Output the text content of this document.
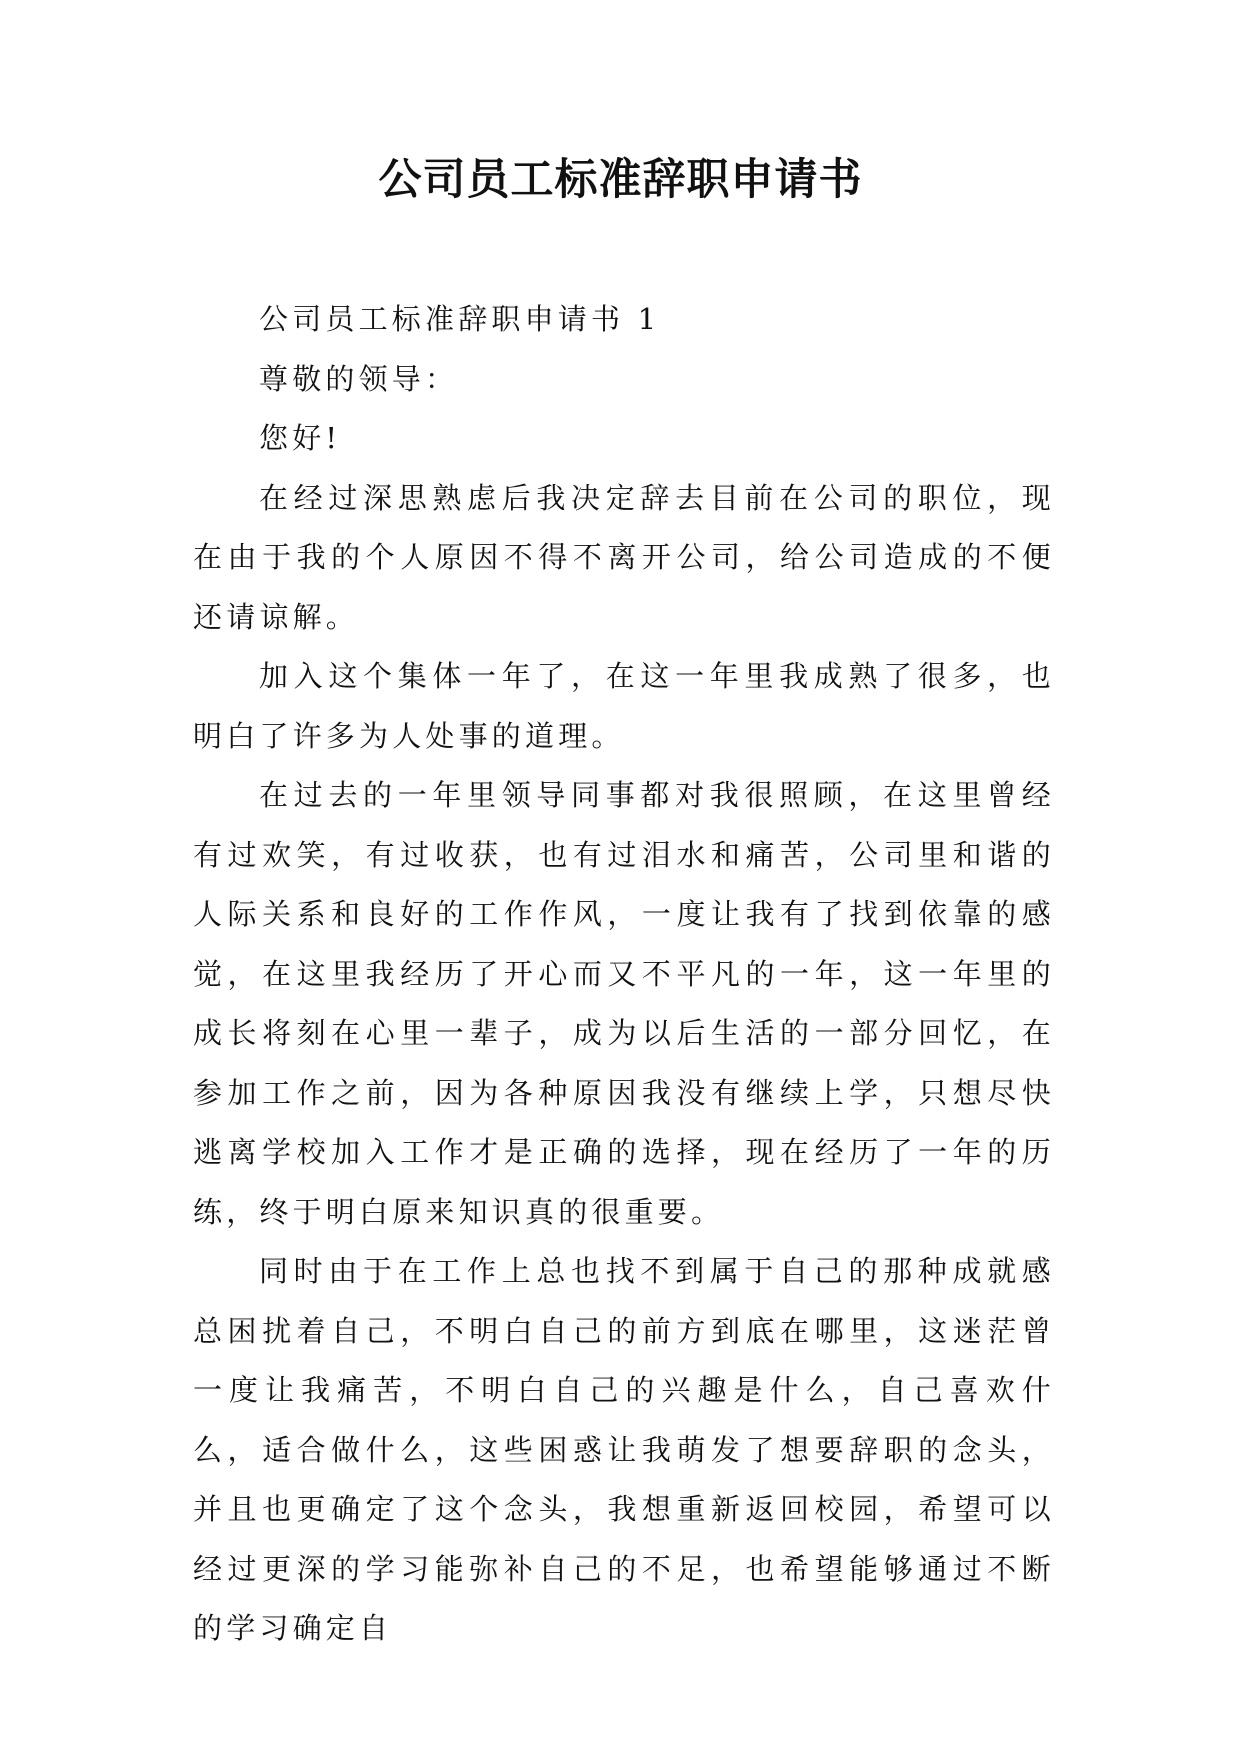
公司员工标准辞职申请书

公司员工标准辞职申请书 1

尊敬的领导：

您好!

在经过深思熟虑后我决定辞去目前在公司的职位，现在由于我的个人原因不得不离开公司，给公司造成的不便还请谅解。

加入这个集体一年了，在这一年里我成熟了很多，也明白了许多为人处事的道理。

在过去的一年里领导同事都对我很照顾，在这里曾经有过欢笑，有过收获，也有过泪水和痛苦，公司里和谐的人际关系和良好的工作作风，一度让我有了找到依靠的感觉，在这里我经历了开心而又不平凡的一年，这一年里的成长将刻在心里一辈子，成为以后生活的一部分回忆，在参加工作之前，因为各种原因我没有继续上学，只想尽快逃离学校加入工作才是正确的选择，现在经历了一年的历练，终于明白原来知识真的很重要。

同时由于在工作上总也找不到属于自己的那种成就感总困扰着自己，不明白自己的前方到底在哪里，这迷茫曾一度让我痛苦，不明白自己的兴趣是什么，自己喜欢什么，适合做什么，这些困惑让我萌发了想要辞职的念头，并且也更确定了这个念头，我想重新返回校园，希望可以经过更深的学习能弥补自己的不足，也希望能够通过不断的学习确定自
